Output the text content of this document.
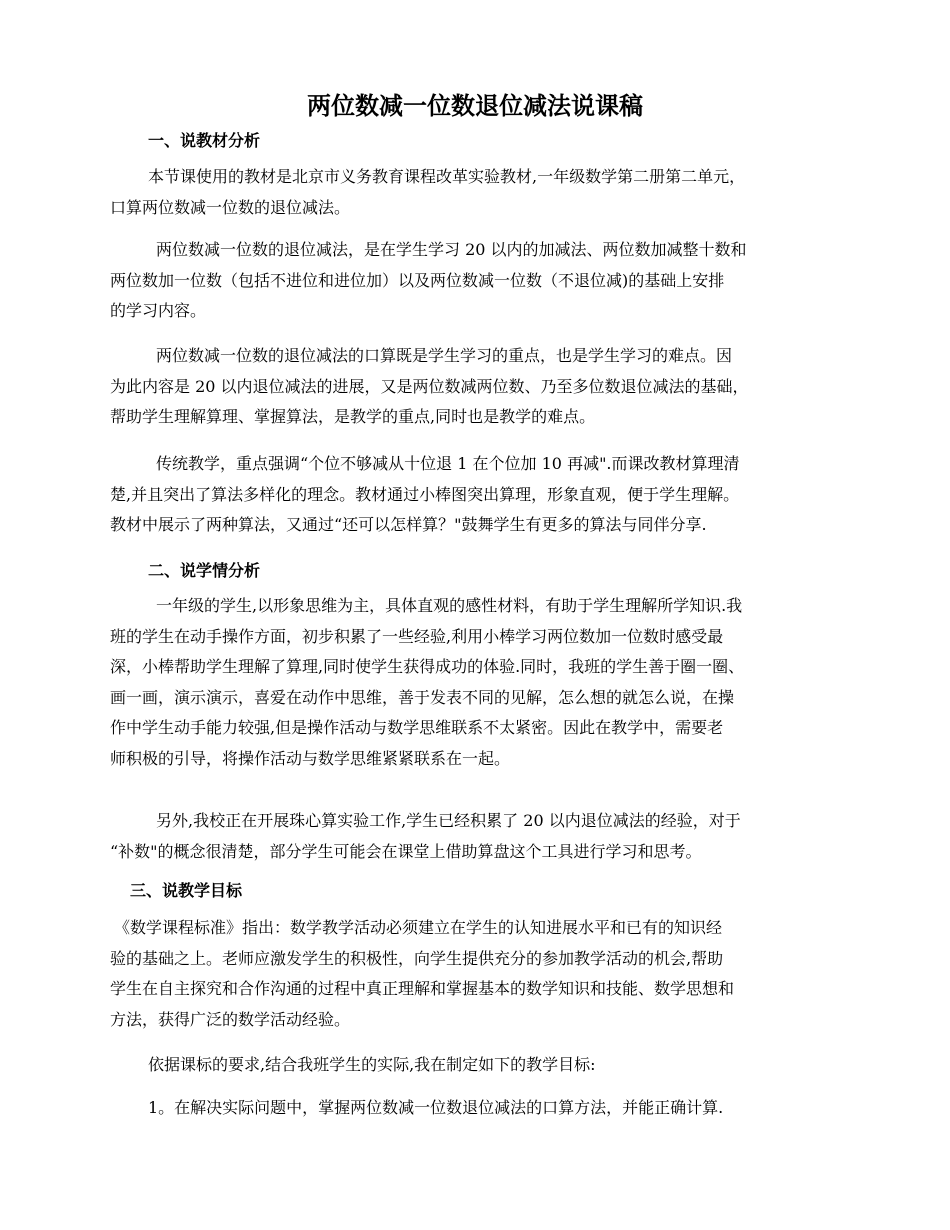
两位数减一位数退位减法说课稿
一、说教材分析
本节课使用的教材是北京市义务教育课程改革实验教材,一年级数学第二册第二单元，
口算两位数减一位数的退位减法。
两位数减一位数的退位减法，是在学生学习 20 以内的加减法、两位数加减整十数和
两位数加一位数（包括不进位和进位加）以及两位数减一位数（不退位减)的基础上安排
的学习内容。
两位数减一位数的退位减法的口算既是学生学习的重点，也是学生学习的难点。因
为此内容是 20 以内退位减法的进展，又是两位数减两位数、乃至多位数退位减法的基础，
帮助学生理解算理、掌握算法，是教学的重点,同时也是教学的难点。
传统教学，重点强调“个位不够减从十位退 1 在个位加 10 再减".而课改教材算理清
楚,并且突出了算法多样化的理念。教材通过小棒图突出算理，形象直观，便于学生理解。
教材中展示了两种算法，又通过“还可以怎样算？"鼓舞学生有更多的算法与同伴分享.
二、说学情分析
一年级的学生,以形象思维为主，具体直观的感性材料，有助于学生理解所学知识.我
班的学生在动手操作方面，初步积累了一些经验,利用小棒学习两位数加一位数时感受最
深，小棒帮助学生理解了算理,同时使学生获得成功的体验.同时，我班的学生善于圈一圈、
画一画，演示演示，喜爱在动作中思维，善于发表不同的见解，怎么想的就怎么说，在操
作中学生动手能力较强,但是操作活动与数学思维联系不太紧密。因此在教学中，需要老
师积极的引导，将操作活动与数学思维紧紧联系在一起。
另外,我校正在开展珠心算实验工作,学生已经积累了 20 以内退位减法的经验，对于
“补数"的概念很清楚，部分学生可能会在课堂上借助算盘这个工具进行学习和思考。
三、说教学目标
《数学课程标准》指出：数学教学活动必须建立在学生的认知进展水平和已有的知识经
验的基础之上。老师应激发学生的积极性，向学生提供充分的参加教学活动的机会,帮助
学生在自主探究和合作沟通的过程中真正理解和掌握基本的数学知识和技能、数学思想和
方法，获得广泛的数学活动经验。
依据课标的要求,结合我班学生的实际,我在制定如下的教学目标:
1。在解决实际问题中，掌握两位数减一位数退位减法的口算方法，并能正确计算.
